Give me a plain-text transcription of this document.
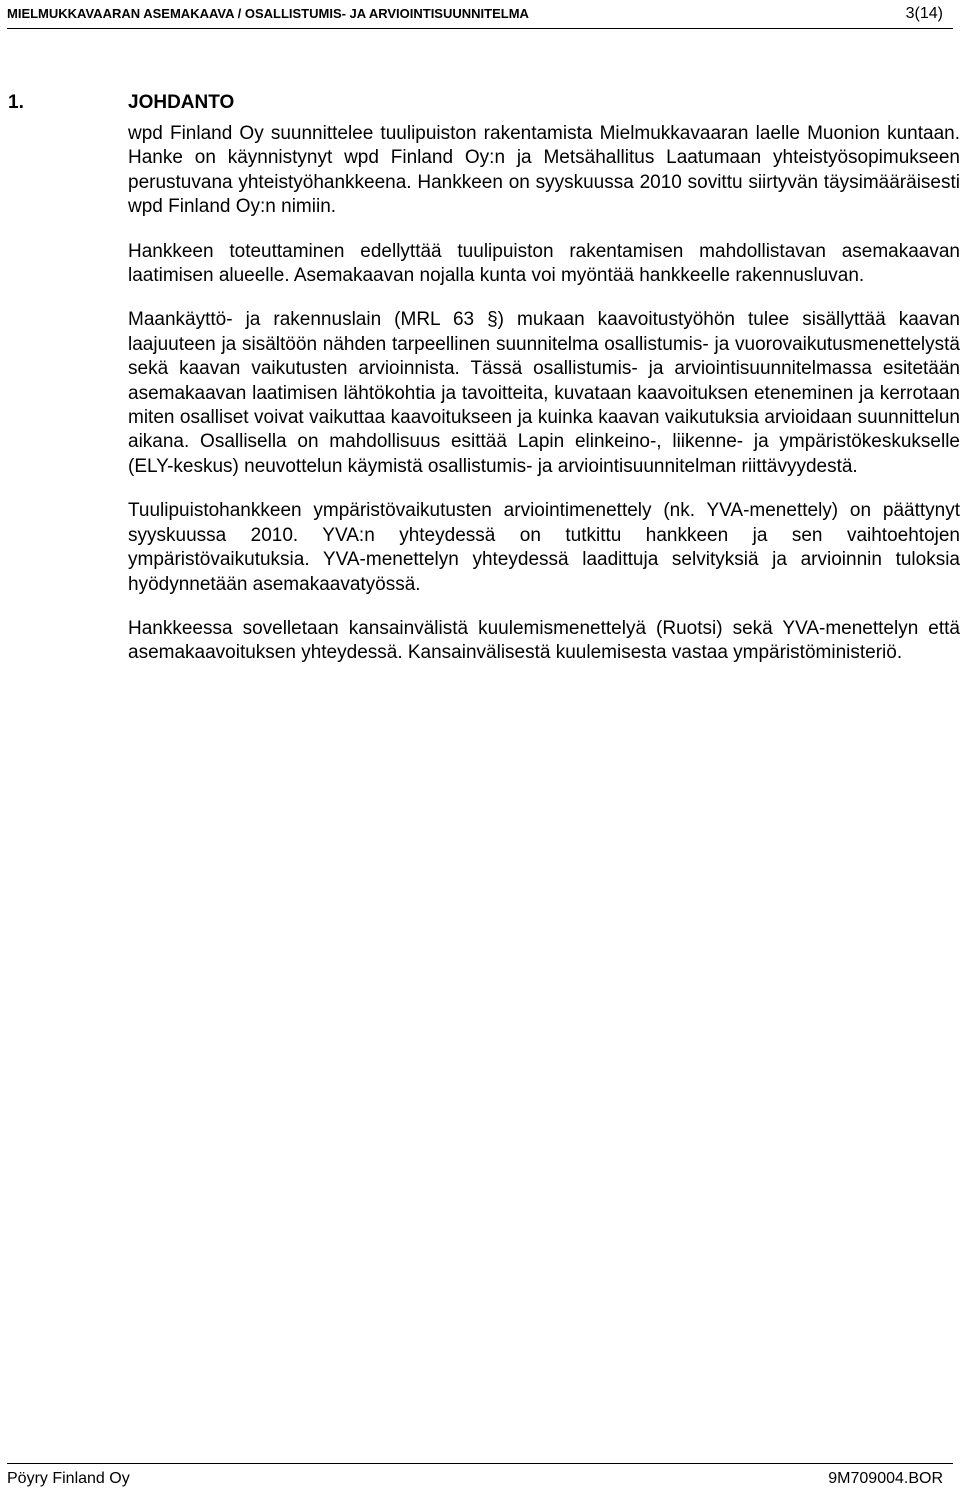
MIELMUKKAVAARAN ASEMAKAAVA / OSALLISTUMIS- JA ARVIOINTISUUNNITELMA	3(14)
1.	JOHDANTO

wpd Finland Oy suunnittelee tuulipuiston rakentamista Mielmukkavaaran laelle Muonion kuntaan. Hanke on käynnistynyt wpd Finland Oy:n ja Metsähallitus Laatumaan yhteistyösopimukseen perustuvana yhteistyöhankkeena. Hankkeen on syyskuussa 2010 sovittu siirtyvän täysimääräisesti wpd Finland Oy:n nimiin.

Hankkeen toteuttaminen edellyttää tuulipuiston rakentamisen mahdollistavan asemakaavan laatimisen alueelle. Asemakaavan nojalla kunta voi myöntää hankkeelle rakennusluvan.

Maankäyttö- ja rakennuslain (MRL 63 §) mukaan kaavoitustyöhön tulee sisällyttää kaavan laajuuteen ja sisältöön nähden tarpeellinen suunnitelma osallistumis- ja vuorovaikutusmenettelystä sekä kaavan vaikutusten arvioinnista. Tässä osallistumis- ja arviointisuunnitelmassa esitetään asemakaavan laatimisen lähtökohtia ja tavoitteita, kuvataan kaavoituksen eteneminen ja kerrotaan miten osalliset voivat vaikuttaa kaavoitukseen ja kuinka kaavan vaikutuksia arvioidaan suunnittelun aikana. Osallisella on mahdollisuus esittää Lapin elinkeino-, liikenne- ja ympäristökeskukselle (ELY-keskus) neuvottelun käymistä osallistumis- ja arviointisuunnitelman riittävyydestä.

Tuulipuistohankkeen ympäristövaikutusten arviointimenettely (nk. YVA-menettely) on päättynyt syyskuussa 2010. YVA:n yhteydessä on tutkittu hankkeen ja sen vaihtoehtojen ympäristövaikutuksia. YVA-menettelyn yhteydessä laadittuja selvityksiä ja arvioinnin tuloksia hyödynnetään asemakaavatyössä.

Hankkeessa sovelletaan kansainvälistä kuulemismenettelyä (Ruotsi) sekä YVA-menettelyn että asemakaavoituksen yhteydessä. Kansainvälisestä kuulemisesta vastaa ympäristöministeriö.

Pöyry Finland Oy	9M709004.BOR
